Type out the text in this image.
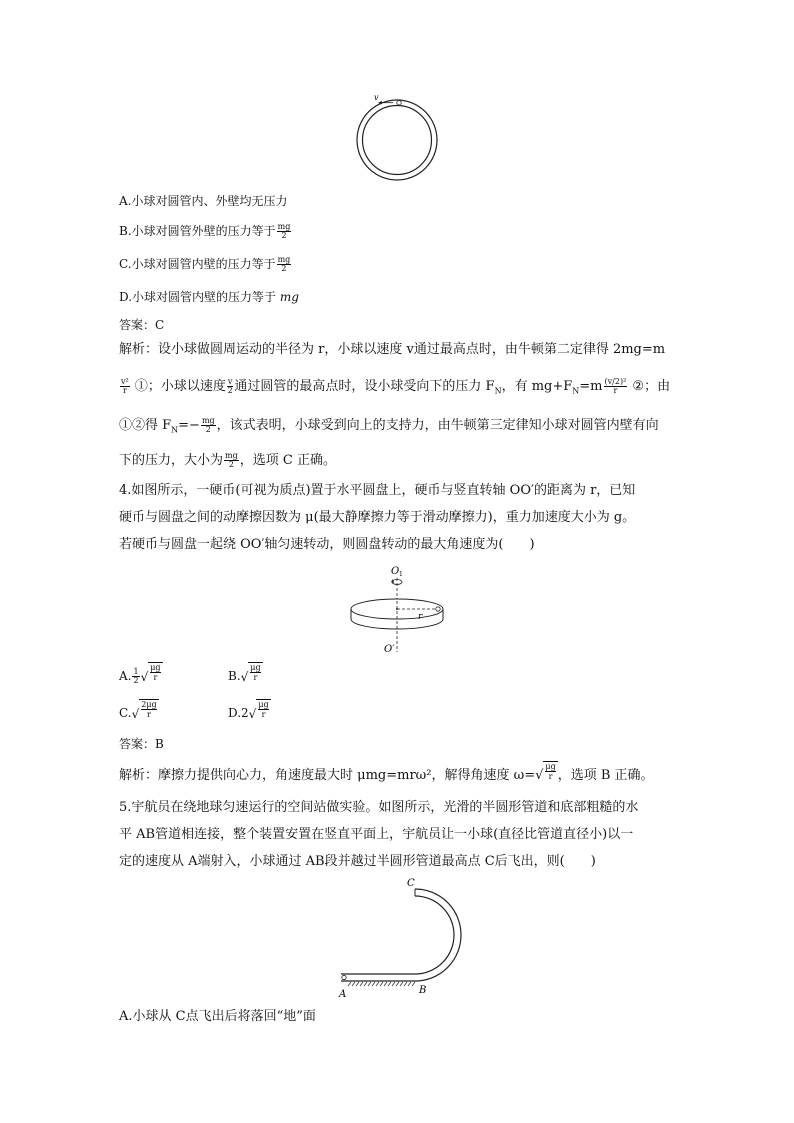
v
A.小球对圆管内、外壁均无压力
B.小球对圆管外壁的压力等于 $\frac{mg}{2}$
C.小球对圆管内壁的压力等于 $\frac{mg}{2}$
D.小球对圆管内壁的压力等于 mg
答案：C
解析：设小球做圆周运动的半径为 r，小球以速度 v通过最高点时，由牛顿第二定律得 2mg=m
$\frac{\text{v²}}{r}$ ①；小球以速度 $\frac{v}{2}$ 通过圆管的最高点时，设小球受向下的压力 $F_N$，有 $mg+F_N=m \frac{\text{(v/2)²}}{r}$ ②；由
①②得 $F_N=- \frac{mg}{2}$ ，该式表明，小球受到向上的支持力，由牛顿第三定律知小球对圆管内壁有向
下的压力，大小为 $\frac{mg}{2}$ ，选项 C 正确。
4.如图所示，一硬币(可视为质点)置于水平圆盘上，硬币与竖直转轴 OO′的距离为 r，已知
硬币与圆盘之间的动摩擦因数为 μ(最大静摩擦力等于滑动摩擦力)，重力加速度大小为 g。
若硬币与圆盘一起绕 OO′轴匀速转动，则圆盘转动的最大角速度为(　　)
O 1
r
O′
A. $\frac{1}{2}$ √ $\frac{\mu g}{r}$	$B.√ \frac{\mu g}{r}$
$C.√ \frac{2\mu g}{r}$	$D.2√ \frac{\mu g}{r}$
答案：B
解析：摩擦力提供向心力，角速度最大时 μmg=mrω²，解得角速度 $\omega=√ \frac{\mu g}{r}$，选项 B 正确。
5.宇航员在绕地球匀速运行的空间站做实验。如图所示，光滑的半圆形管道和底部粗糙的水
平 AB管道相连接，整个装置安置在竖直平面上，宇航员让一小球(直径比管道直径小)以一
定的速度从 A端射入，小球通过 AB段并越过半圆形管道最高点 C后飞出，则(　　)
C
A	B
A.小球从 C点飞出后将落回“地”面
